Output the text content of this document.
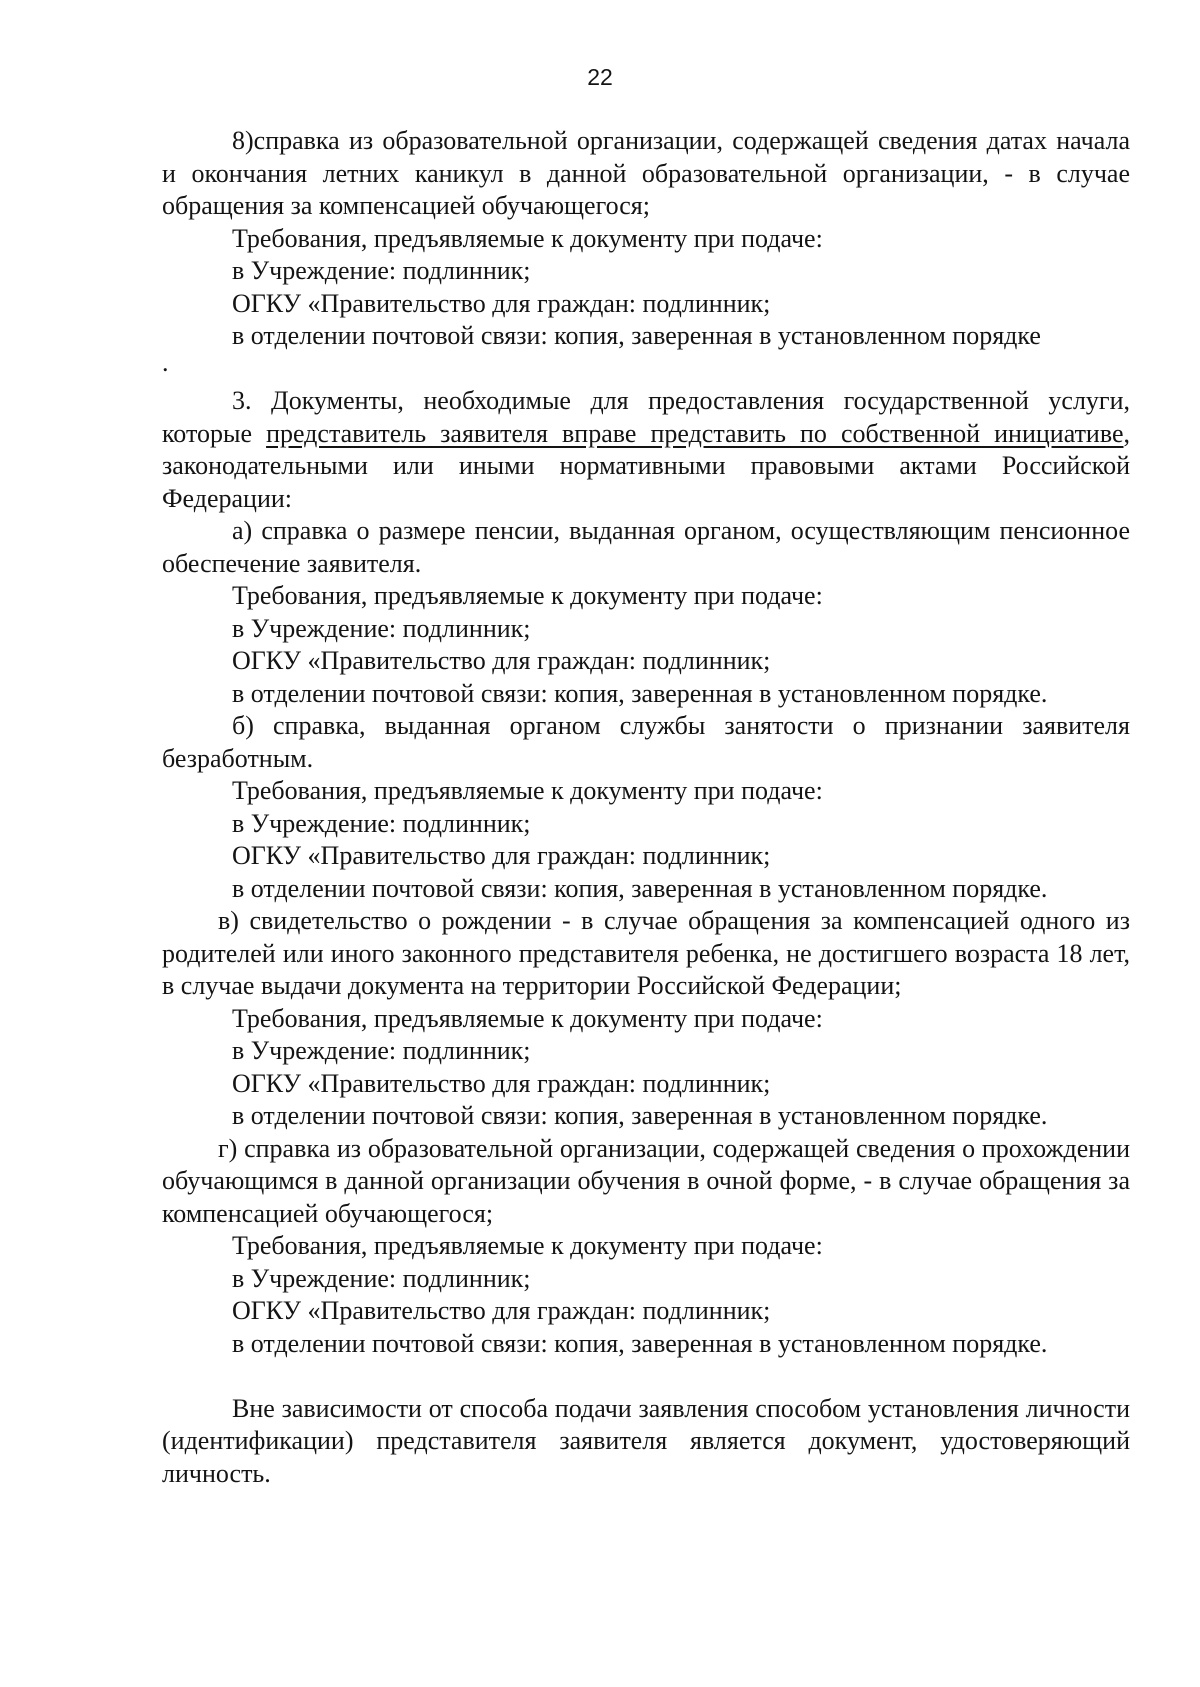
22

8)справка из образовательной организации, содержащей сведения датах начала и окончания летних каникул в данной образовательной организации, - в случае обращения за компенсацией обучающегося;

Требования, предъявляемые к документу при подаче:

в Учреждение: подлинник;

ОГКУ «Правительство для граждан: подлинник;

в отделении почтовой связи: копия, заверенная в установленном порядке

.

3. Документы, необходимые для предоставления государственной услуги, которые представитель заявителя вправе представить по собственной инициативе, законодательными или иными нормативными правовыми актами Российской Федерации:

а) справка о размере пенсии, выданная органом, осуществляющим пенсионное обеспечение заявителя.

Требования, предъявляемые к документу при подаче:

в Учреждение: подлинник;

ОГКУ «Правительство для граждан: подлинник;

в отделении почтовой связи: копия, заверенная в установленном порядке.

б) справка, выданная органом службы занятости о признании заявителя безработным.

Требования, предъявляемые к документу при подаче:

в Учреждение: подлинник;

ОГКУ «Правительство для граждан: подлинник;

в отделении почтовой связи: копия, заверенная в установленном порядке.

в) свидетельство о рождении - в случае обращения за компенсацией одного из родителей или иного законного представителя ребенка, не достигшего возраста 18 лет, в случае выдачи документа на территории Российской Федерации;

Требования, предъявляемые к документу при подаче:

в Учреждение: подлинник;

ОГКУ «Правительство для граждан: подлинник;

в отделении почтовой связи: копия, заверенная в установленном порядке.

г) справка из образовательной организации, содержащей сведения о прохождении обучающимся в данной организации обучения в очной форме, - в случае обращения за компенсацией обучающегося;

Требования, предъявляемые к документу при подаче:

в Учреждение: подлинник;

ОГКУ «Правительство для граждан: подлинник;

в отделении почтовой связи: копия, заверенная в установленном порядке.

Вне зависимости от способа подачи заявления способом установления личности (идентификации) представителя заявителя является документ, удостоверяющий личность.
